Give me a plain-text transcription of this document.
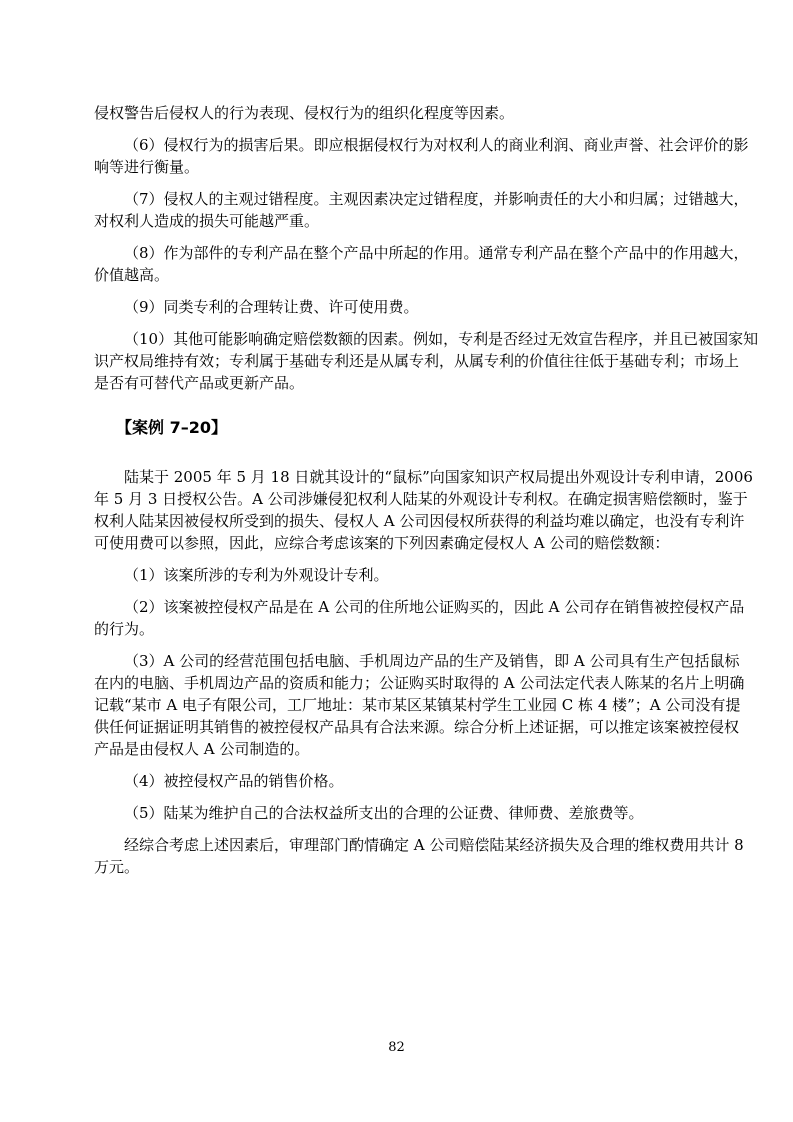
侵权警告后侵权人的行为表现、侵权行为的组织化程度等因素。
（6）侵权行为的损害后果。即应根据侵权行为对权利人的商业利润、商业声誉、社会评价的影
响等进行衡量。
（7）侵权人的主观过错程度。主观因素决定过错程度，并影响责任的大小和归属；过错越大，
对权利人造成的损失可能越严重。
（8）作为部件的专利产品在整个产品中所起的作用。通常专利产品在整个产品中的作用越大，
价值越高。
（9）同类专利的合理转让费、许可使用费。
（10）其他可能影响确定赔偿数额的因素。例如，专利是否经过无效宣告程序，并且已被国家知
识产权局维持有效；专利属于基础专利还是从属专利，从属专利的价值往往低于基础专利；市场上
是否有可替代产品或更新产品。
【案例 7–20】
陆某于 2005 年 5 月 18 日就其设计的“鼠标”向国家知识产权局提出外观设计专利申请，2006
年 5 月 3 日授权公告。A 公司涉嫌侵犯权利人陆某的外观设计专利权。在确定损害赔偿额时，鉴于
权利人陆某因被侵权所受到的损失、侵权人 A 公司因侵权所获得的利益均难以确定，也没有专利许
可使用费可以参照，因此，应综合考虑该案的下列因素确定侵权人 A 公司的赔偿数额：
（1）该案所涉的专利为外观设计专利。
（2）该案被控侵权产品是在 A 公司的住所地公证购买的，因此 A 公司存在销售被控侵权产品
的行为。
（3）A 公司的经营范围包括电脑、手机周边产品的生产及销售，即 A 公司具有生产包括鼠标
在内的电脑、手机周边产品的资质和能力；公证购买时取得的 A 公司法定代表人陈某的名片上明确
记载“某市 A 电子有限公司，工厂地址：某市某区某镇某村学生工业园 C 栋 4 楼”；A 公司没有提
供任何证据证明其销售的被控侵权产品具有合法来源。综合分析上述证据，可以推定该案被控侵权
产品是由侵权人 A 公司制造的。
（4）被控侵权产品的销售价格。
（5）陆某为维护自己的合法权益所支出的合理的公证费、律师费、差旅费等。
经综合考虑上述因素后，审理部门酌情确定 A 公司赔偿陆某经济损失及合理的维权费用共计 8
万元。
82
